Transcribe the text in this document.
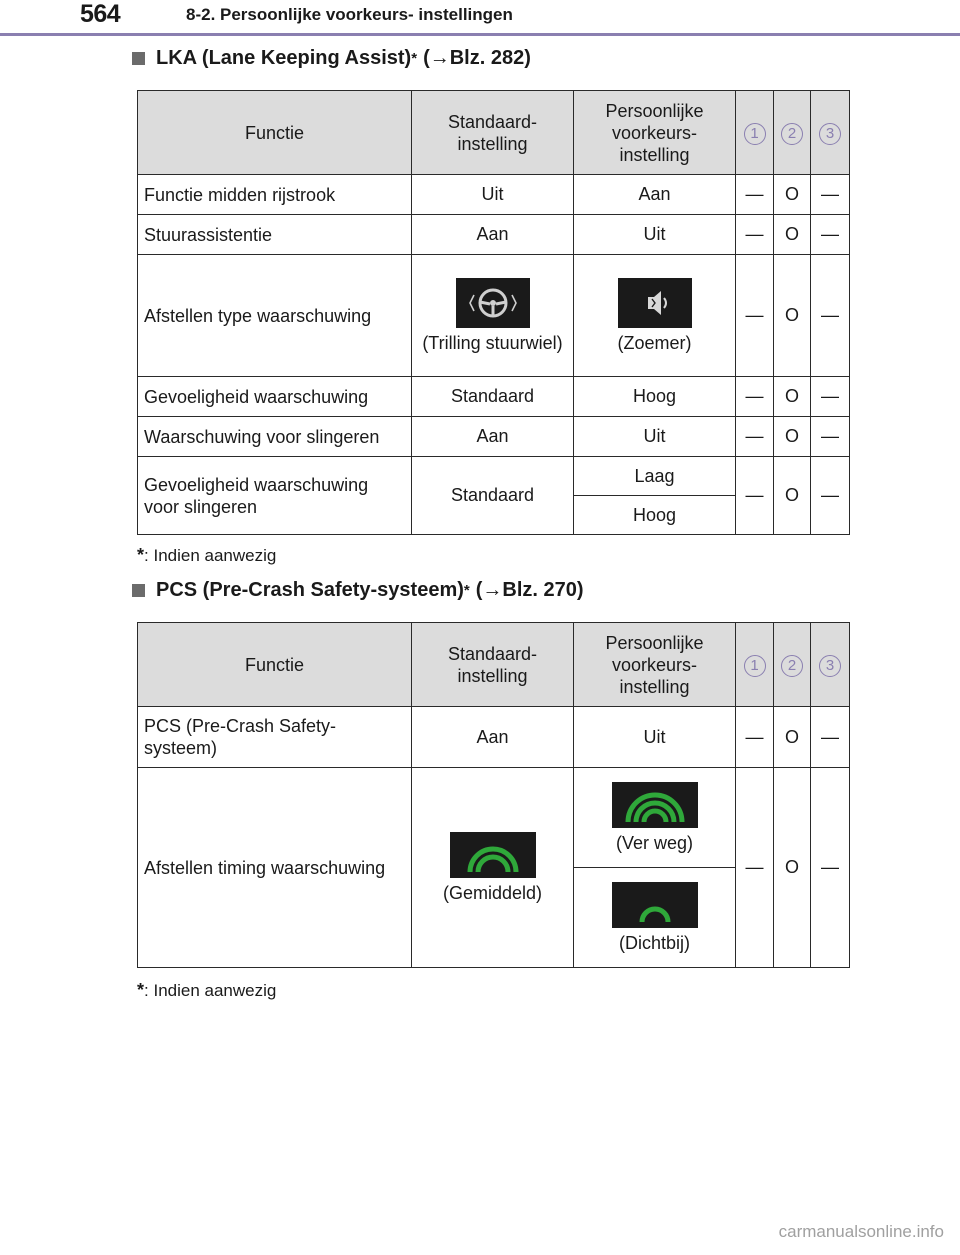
564	8-2. Persoonlijke voorkeurs- instellingen
LKA (Lane Keeping Assist) * (→Blz. 282)
Functie	Standaard- instelling	Persoonlijke voorkeurs- instelling	1	2	3
Functie midden rijstrook	Uit	Aan	—	O	—
Stuurassistentie	Aan	Uit	—	O	—
Afstellen type waarschuwing	(Trilling stuurwiel)	(Zoemer)	—	O	—
Gevoeligheid waarschuwing	Standaard	Hoog	—	O	—
Waarschuwing voor slingeren	Aan	Uit	—	O	—
Gevoeligheid waarschuwing voor slingeren	Standaard	Laag	—	O	—
		Hoog			
*: Indien aanwezig
PCS (Pre-Crash Safety-systeem) * (→Blz. 270)
Functie	Standaard- instelling	Persoonlijke voorkeurs- instelling	1	2	3
PCS (Pre-Crash Safety-systeem)	Aan	Uit	—	O	—
Afstellen timing waarschuwing	(Gemiddeld)	(Ver weg)	—	O	—

		(Dichtbij)			
*: Indien aanwezig
carmanualsonline.info
